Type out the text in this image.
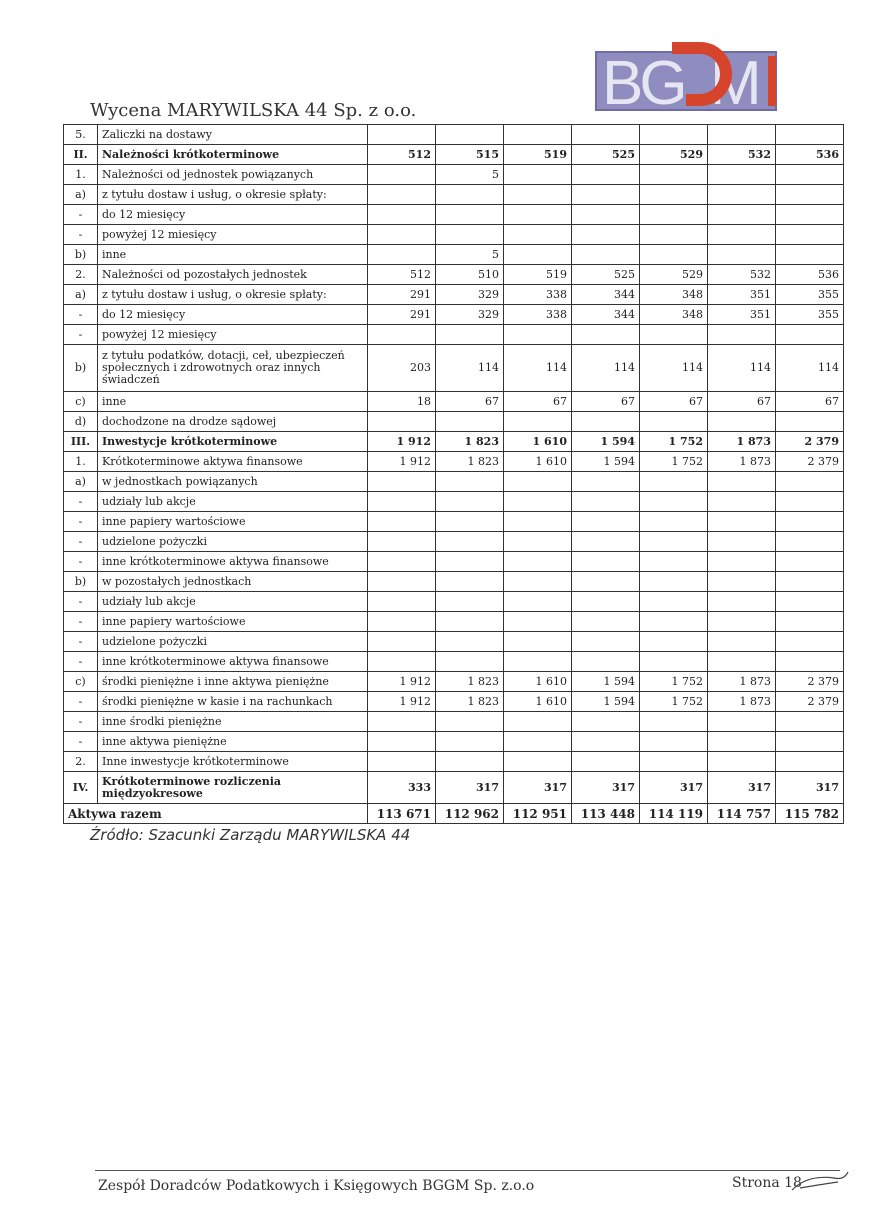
BG M
Wycena MARYWILSKA 44 Sp. z o.o.
5.	Zaliczki na dostawy							
II.	Należności krótkoterminowe	512	515	519	525	529	532	536
1.	Należności od jednostek powiązanych		5					
a)	z tytułu dostaw i usług, o okresie spłaty:							
-	do 12 miesięcy							
-	powyżej 12 miesięcy							
b)	inne		5					
2.	Należności od pozostałych jednostek	512	510	519	525	529	532	536
a)	z tytułu dostaw i usług, o okresie spłaty:	291	329	338	344	348	351	355
-	do 12 miesięcy	291	329	338	344	348	351	355
-	powyżej 12 miesięcy							
b)	z tytułu podatków, dotacji, ceł, ubezpieczeń społecznych i zdrowotnych oraz innych świadczeń	203	114	114	114	114	114	114
c)	inne	18	67	67	67	67	67	67
d)	dochodzone na drodze sądowej							
III.	Inwestycje krótkoterminowe	1 912	1 823	1 610	1 594	1 752	1 873	2 379
1.	Krótkoterminowe aktywa finansowe	1 912	1 823	1 610	1 594	1 752	1 873	2 379
a)	w jednostkach powiązanych							
-	udziały lub akcje							
-	inne papiery wartościowe							
-	udzielone pożyczki							
-	inne krótkoterminowe aktywa finansowe							
b)	w pozostałych jednostkach							
-	udziały lub akcje							
-	inne papiery wartościowe							
-	udzielone pożyczki							
-	inne krótkoterminowe aktywa finansowe							
c)	środki pieniężne i inne aktywa pieniężne	1 912	1 823	1 610	1 594	1 752	1 873	2 379
-	środki pieniężne w kasie i na rachunkach	1 912	1 823	1 610	1 594	1 752	1 873	2 379
-	inne środki pieniężne							
-	inne aktywa pieniężne							
2.	Inne inwestycje krótkoterminowe							
IV.	Krótkoterminowe rozliczenia międzyokresowe	333	317	317	317	317	317	317
Aktywa razem		113 671	112 962	112 951	113 448	114 119	114 757	115 782
Źródło: Szacunki Zarządu MARYWILSKA 44
Zespół Doradców Podatkowych i Księgowych BGGM Sp. z.o.o	Strona 18
